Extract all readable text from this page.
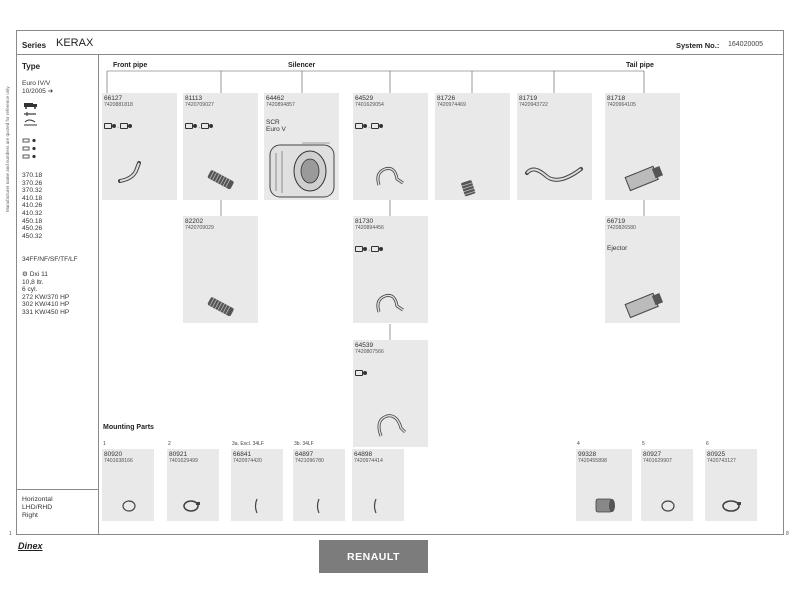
Series KERAX	System No.: 164020005
Manufacturer name and numbers are quoted for reference only
Type
Euro IV/V
10/2005 ➔
370.18
370.26
370.32
410.18
410.26
410.32
450.18
450.26
450.32
34FF/NF/SF/TF/LF
⚙ Dxi 11
10,8 ltr.
6 cyl.
272 KW/370 HP
302 KW/410 HP
331 KW/450 HP
Horizontal
LHD/RHD
Right
Front pipe	Silencer	Tail pipe
66127
7420881818
,
81113
7420709027
,
64462
7420894857
SCR
Euro V
64529
7401629054
,
81726
7420974469
81719
7420943722
81718
7420964105
82202
7420709029
81730
7420894456
,
66719
7420826580
Ejector
64539
7420807566
Mounting Parts
1
80920
7401638166
2
80921
7401629499
3a. Excl. 34LF
66841
7420974420
3b. 34LF
64897
7421096780
64898
7420974414
4
99328
7420455898
5
80927
7401629907
6
80925
7420743127
1	8
Dinex
RENAULT
